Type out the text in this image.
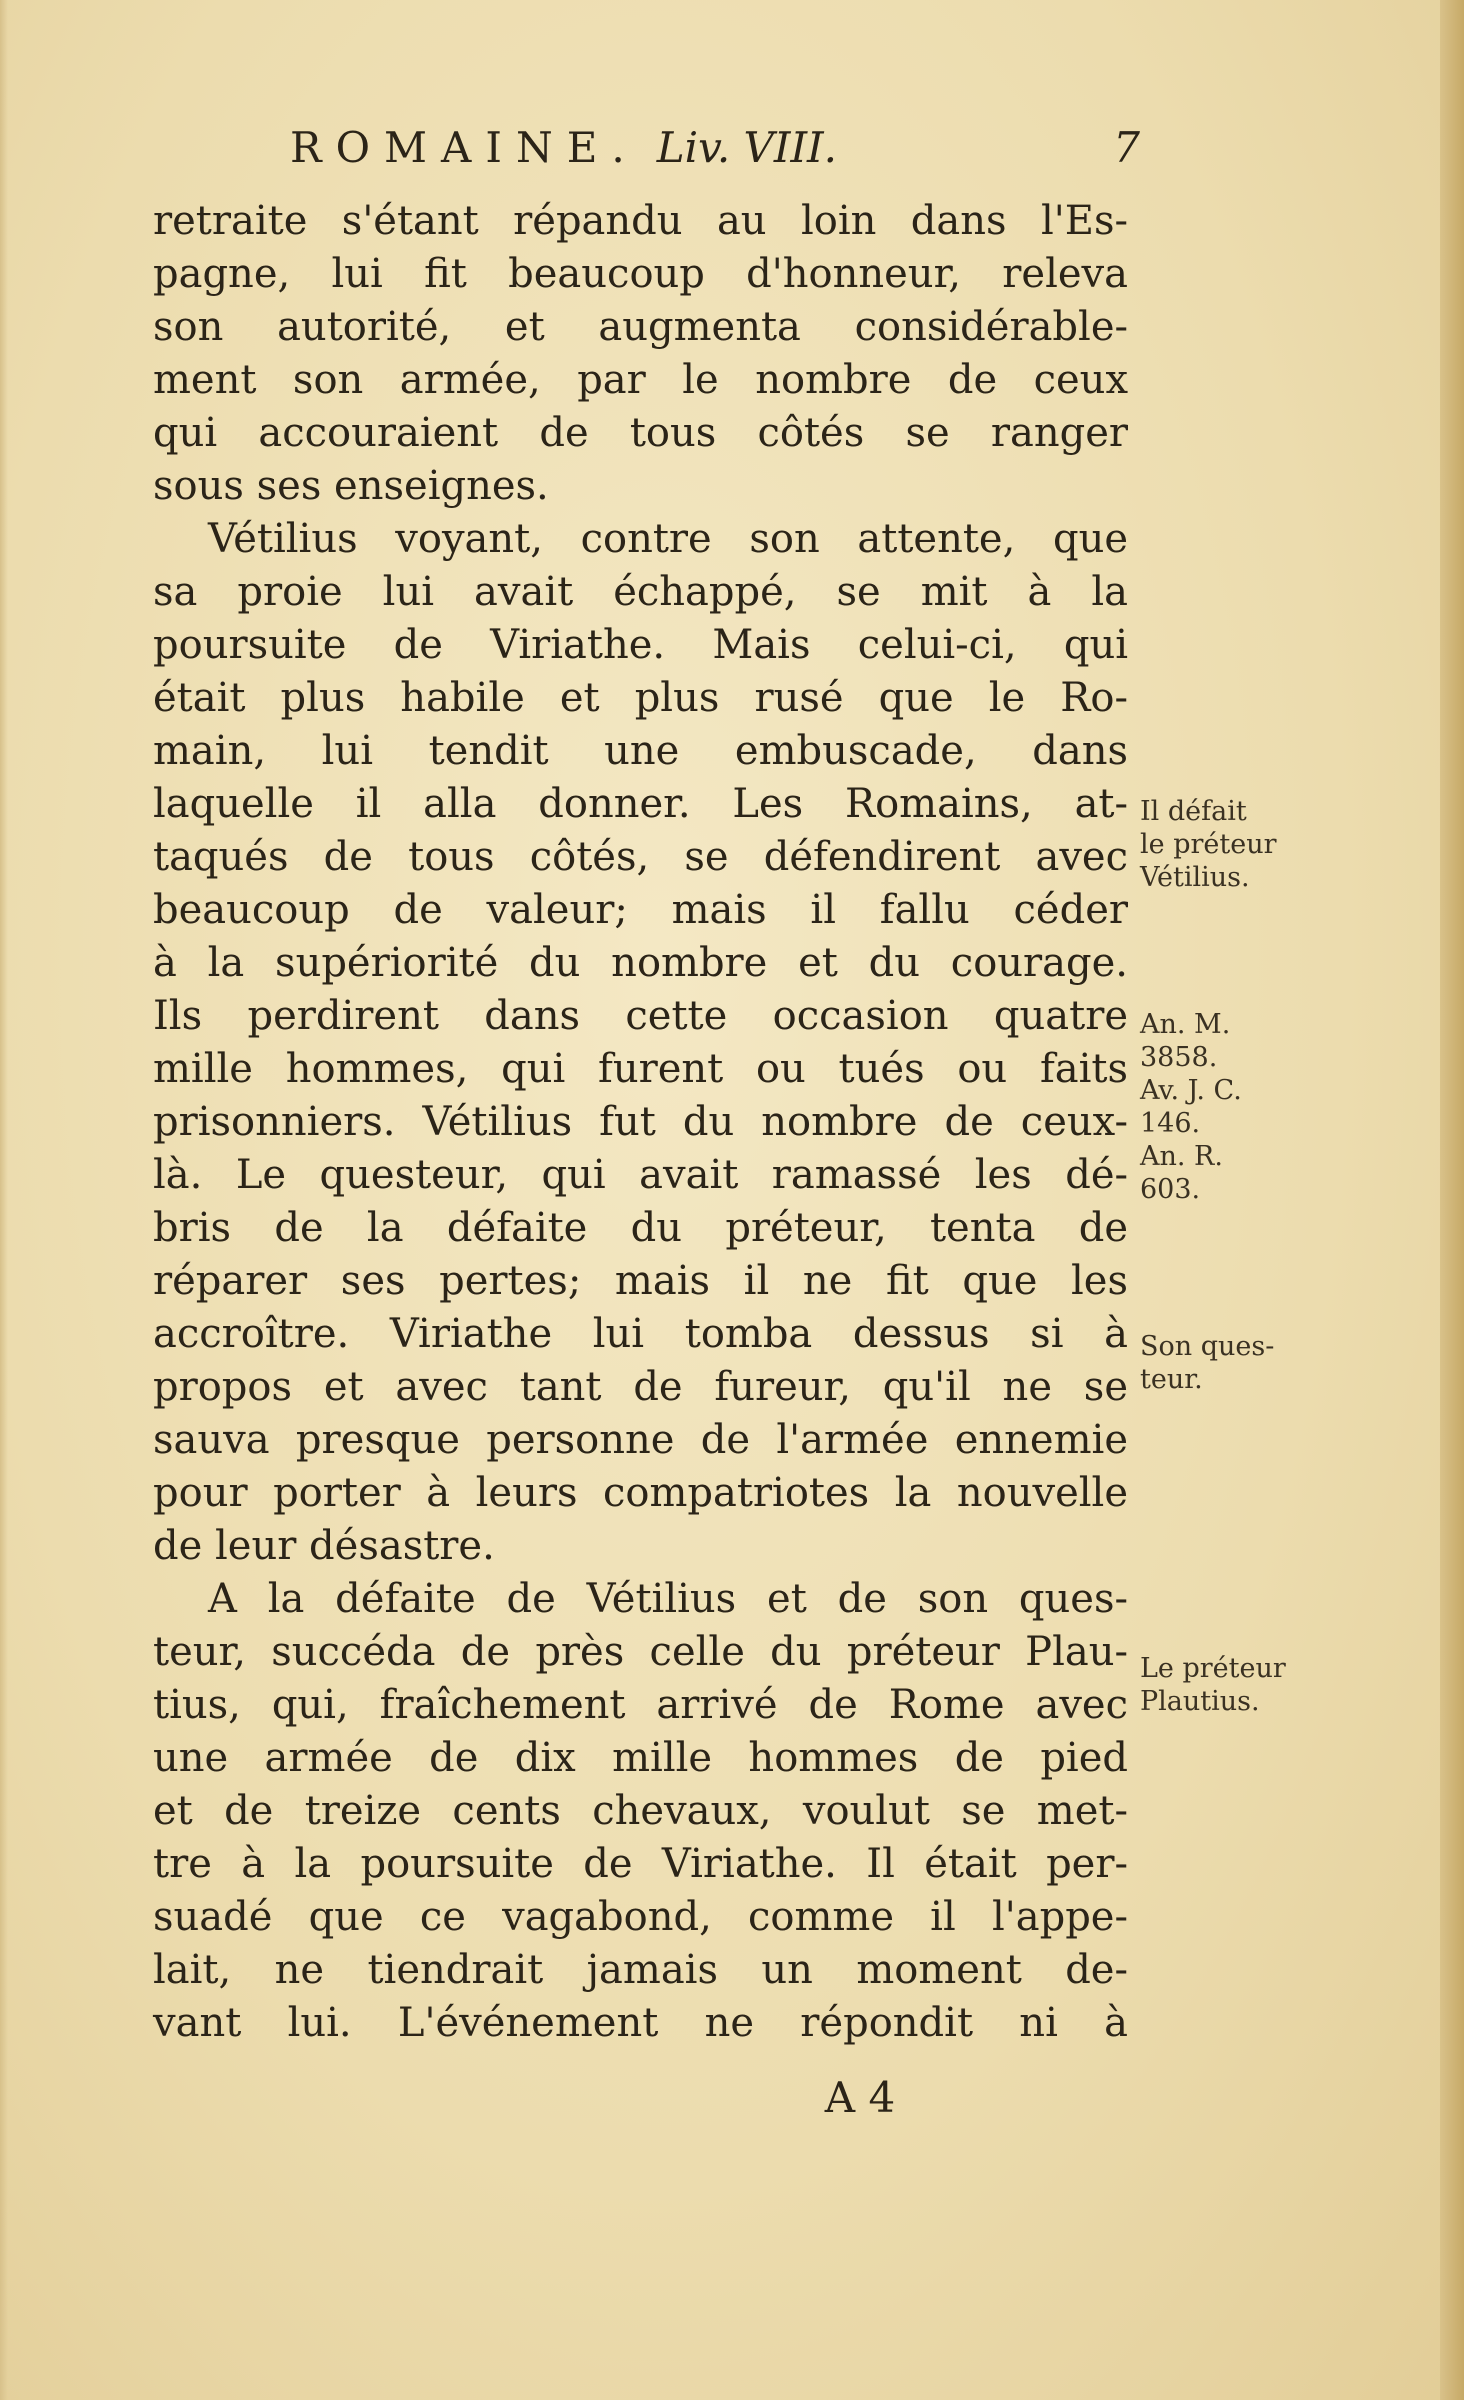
ROMAINE. Liv. VIII.	7
retraite s'étant répandu au loin dans l'Es-
pagne, lui fit beaucoup d'honneur, releva
son autorité, et augmenta considérable-
ment son armée, par le nombre de ceux
qui accouraient de tous côtés se ranger
sous ses enseignes.
Vétilius voyant, contre son attente, que
sa proie lui avait échappé, se mit à la
poursuite de Viriathe. Mais celui-ci, qui
était plus habile et plus rusé que le Ro-
main, lui tendit une embuscade, dans
laquelle il alla donner. Les Romains, at-
taqués de tous côtés, se défendirent avec
beaucoup de valeur; mais il fallu céder
à la supériorité du nombre et du courage.
Ils perdirent dans cette occasion quatre
mille hommes, qui furent ou tués ou faits
prisonniers. Vétilius fut du nombre de ceux-
là. Le questeur, qui avait ramassé les dé-
bris de la défaite du préteur, tenta de
réparer ses pertes; mais il ne fit que les
accroître. Viriathe lui tomba dessus si à
propos et avec tant de fureur, qu'il ne se
sauva presque personne de l'armée ennemie
pour porter à leurs compatriotes la nouvelle
de leur désastre.
A la défaite de Vétilius et de son ques-
teur, succéda de près celle du préteur Plau-
tius, qui, fraîchement arrivé de Rome avec
une armée de dix mille hommes de pied
et de treize cents chevaux, voulut se met-
tre à la poursuite de Viriathe. Il était per-
suadé que ce vagabond, comme il l'appe-
lait, ne tiendrait jamais un moment de-
vant lui. L'événement ne répondit ni à
Il défait
le préteur
Vétilius.
An. M.
3858.
Av. J. C.
146.
An. R.
603.
Son ques-
teur.
Le préteur
Plautius.
A 4
